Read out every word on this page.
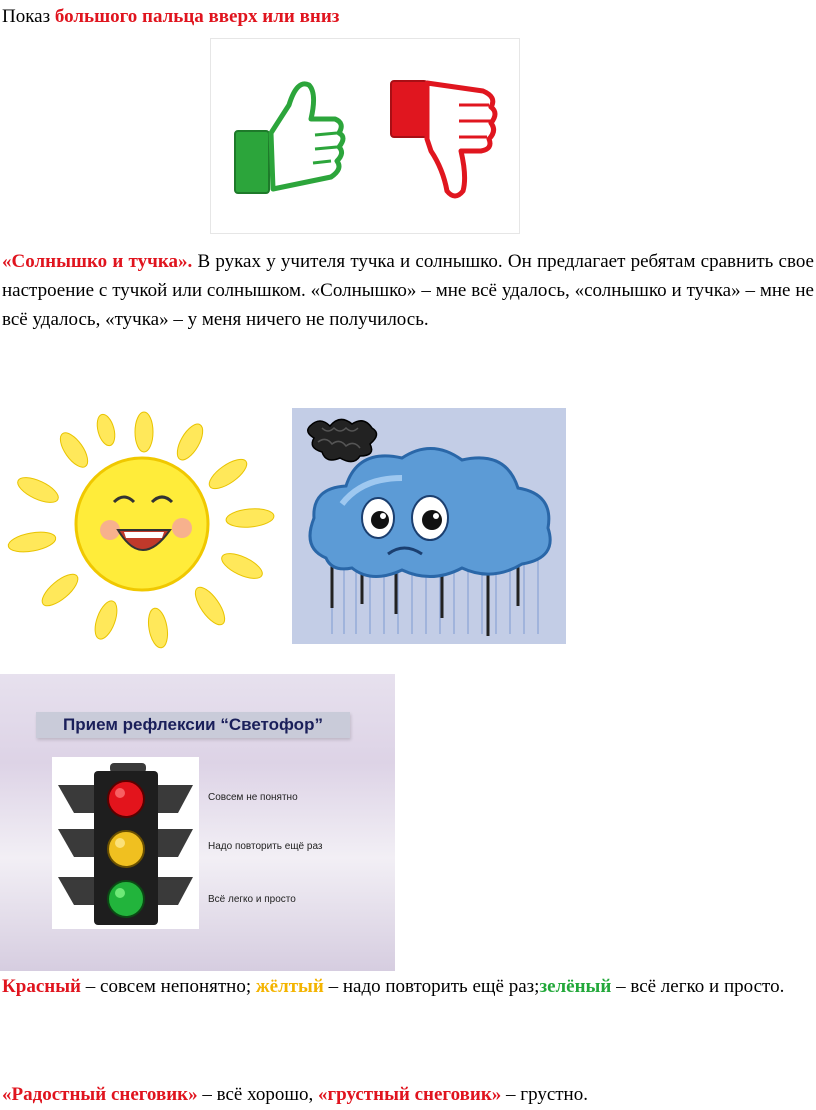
Показ большого пальца вверх или вниз
«Солнышко и тучка». В руках у учителя тучка и солнышко. Он предлагает ребятам сравнить свое настроение с тучкой или солнышком. «Солнышко» – мне всё удалось, «солнышко и тучка» – мне не всё удалось, «тучка» – у меня ничего не получилось.
Прием рефлексии “Светофор”
Совсем не понятно
Надо повторить ещё раз
Всё легко и просто
Красный – совсем непонятно; жёлтый – надо повторить ещё раз;зелёный – всё легко и просто.
«Радостный снеговик» – всё хорошо, «грустный снеговик» – грустно.
